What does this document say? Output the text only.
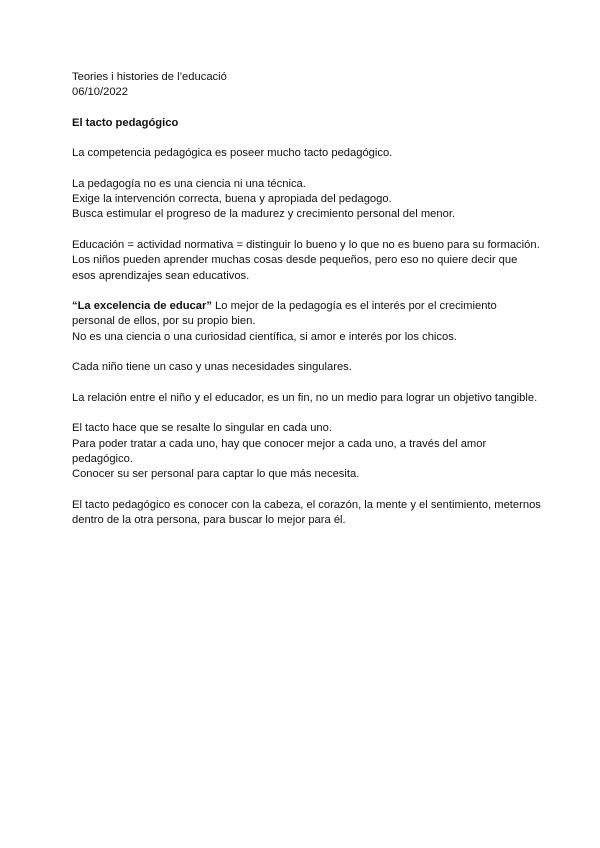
Teories i histories de l’educació

06/10/2022

El tacto pedagógico

La competencia pedagógica es poseer mucho tacto pedagógico.

La pedagogía no es una ciencia ni una técnica.

Exige la intervención correcta, buena y apropiada del pedagogo.

Busca estimular el progreso de la madurez y crecimiento personal del menor.

Educación = actividad normativa = distinguir lo bueno y lo que no es bueno para su formación.

Los niños pueden aprender muchas cosas desde pequeños, pero eso no quiere decir que esos aprendizajes sean educativos.

“La excelencia de educar” Lo mejor de la pedagogía es el interés por el crecimiento personal de ellos, por su propio bien.

No es una ciencia o una curiosidad científica, si amor e interés por los chicos.

Cada niño tiene un caso y unas necesidades singulares.

La relación entre el niño y el educador, es un fin, no un medio para lograr un objetivo tangible.

El tacto hace que se resalte lo singular en cada uno.

Para poder tratar a cada uno, hay que conocer mejor a cada uno, a través del amor pedagógico.

Conocer su ser personal para captar lo que más necesita.

El tacto pedagógico es conocer con la cabeza, el corazón, la mente y el sentimiento, meternos dentro de la otra persona, para buscar lo mejor para él.
